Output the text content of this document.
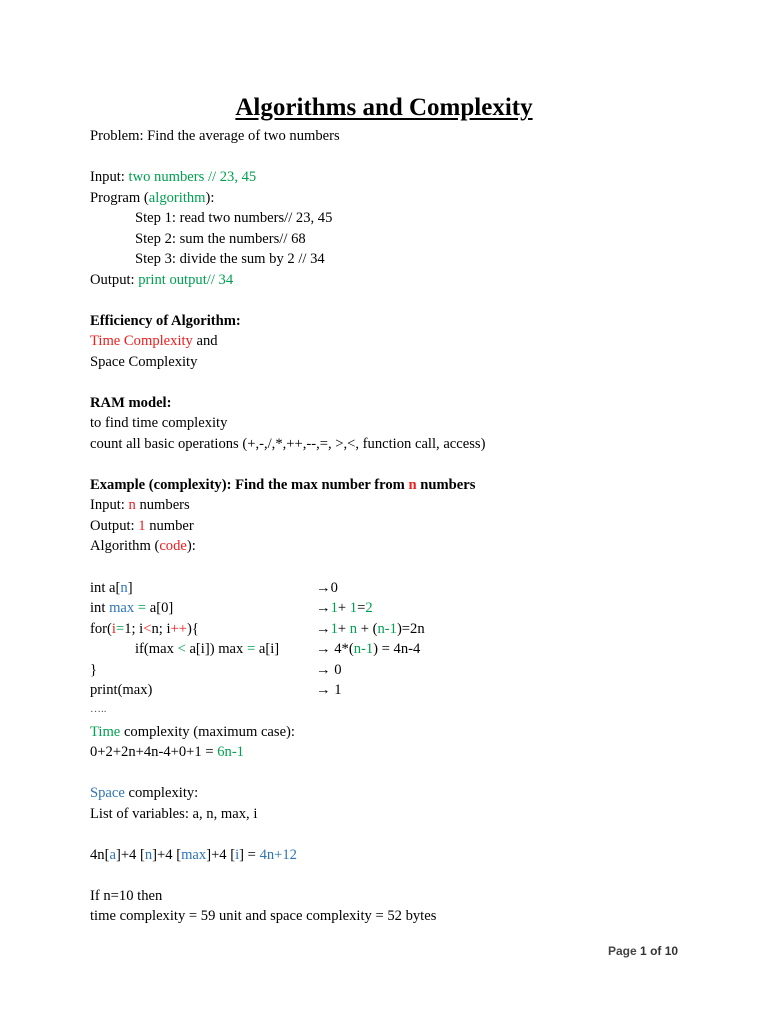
Algorithms and Complexity
Problem: Find the average of two numbers
Input: two numbers // 23, 45
Program (algorithm):
Step 1: read two numbers// 23, 45
Step 2: sum the numbers// 68
Step 3: divide the sum by 2 // 34
Output: print output// 34
Efficiency of Algorithm:
Time Complexity and
Space Complexity
RAM model:
to find time complexity
count all basic operations (+,-,/,*,++,--,=, >,<, function call, access)
Example (complexity): Find the max number from n numbers
Input: n numbers
Output: 1 number
Algorithm (code):
int a[n]
int max = a[0]
for(i=1; i<n; i++){
if(max < a[i]) max = a[i]
}
print(max)
…..
→0
→1+ 1=2
→1+ n + (n-1)=2n
→ 4*(n-1) = 4n-4
→ 0
→ 1
Time complexity (maximum case):
0+2+2n+4n-4+0+1 = 6n-1
Space complexity:
List of variables: a, n, max, i
4n[a]+4 [n]+4 [max]+4 [i] = 4n+12
If n=10 then
time complexity = 59 unit and space complexity = 52 bytes
Page 1 of 10
